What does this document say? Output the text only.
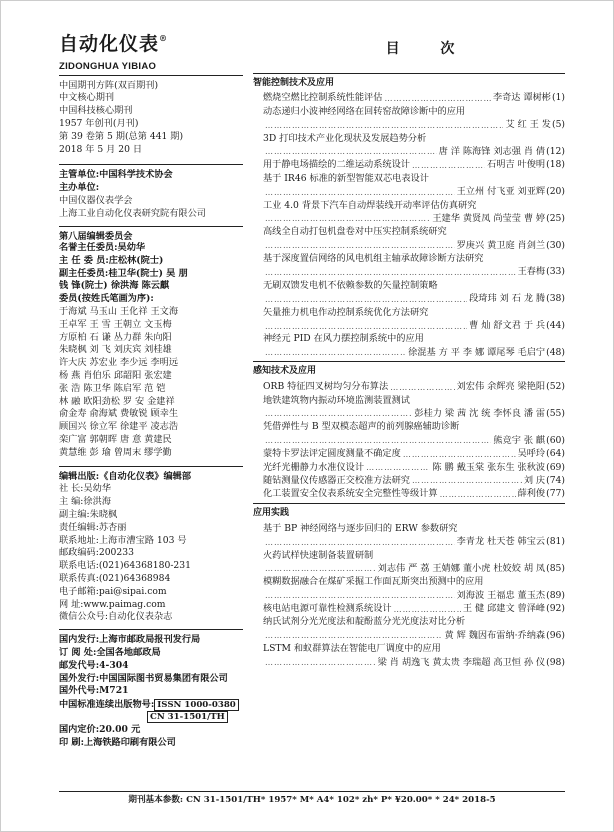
自动化仪表®
ZIDONGHUA YIBIAO
中国期刊方阵(双百期刊)
中文核心期刊
中国科技核心期刊
1957 年创刊(月刊)
第 39 卷第 5 期(总第 441 期)
2018 年 5 月 20 日
主管单位:中国科学技术协会
主办单位:
中国仪器仪表学会
上海工业自动化仪表研究院有限公司
第八届编辑委员会
名誉主任委员:吴幼华
主 任 委 员:庄松林(院士)
副主任委员:桂卫华(院士) 吴 朋
钱 锋(院士) 徐洪海 陈云麒
委员(按姓氏笔画为序):
于海斌 马玉山 王化祥 王文海
王卓军 王 雪 王朝立 文玉梅
方原柏 石 谦 丛力群 朱向阳
朱晓枫 刘 飞 刘庆宾 刘桂雄
许大庆 苏宏业 李少远 李明远
杨 燕 肖伯乐 邱韶阳 张宏建
张 浩 陈卫华 陈启军 范 铠
林 融 欧阳劲松 罗 安 金建祥
俞金寿 俞海斌 费敏锐 顾幸生
顾国兴 徐立军 徐建平 凌志浩
栾广富 郭朝晖 唐 意 黄建民
黄慧维 彭 瑜 曾周末 缪学勤
编辑出版:《自动化仪表》编辑部
社 长:吴幼华
主 编:徐洪海
副主编:朱晓枫
责任编辑:苏杏丽
联系地址:上海市漕宝路 103 号
邮政编码:200233
联系电话:(021)64368180-231
联系传真:(021)64368984
电子邮箱:pai@sipai.com
网 址:www.paimag.com
微信公众号:自动化仪表杂志
国内发行:上海市邮政局报刊发行局
订 阅 处:全国各地邮政局
邮发代号:4-304
国外发行:中国国际图书贸易集团有限公司
国外代号:M721
中国标准连续出版物号: ISSN 1000-0380
CN 31-1501/TH
国内定价:20.00 元
印 刷:上海铁路印刷有限公司
目 次
智能控制技术及应用
燃烧空燃比控制系统性能评估 ………………………………………………………………………………………………………	李奇达 谭树彬 (1)
动态递归小波神经网络在回转窑故障诊断中的应用
………………………………………………………………………………………………………
艾 红 王 发 (5)
3D 打印技术产业化现状及发展趋势分析
………………………………………………………………………………………………………
唐 洋 陈海锋 刘志强 肖 倩 (12)
用于静电场描绘的二维运动系统设计 ………………………………………………………………………………………………………	石明吉 叶俊明 (18)
基于 IR46 标准的新型智能双芯电表设计
………………………………………………………………………………………………………
王立州 付飞亚 刘亚辉 (20)
工业 4.0 背景下汽车自动焊装线开动率评估仿真研究
………………………………………………………………………………………………………
王建华 黄贤凤 尚莹莹 曹 婷 (25)
高线全自动打包机盘卷对中压实控制系统研究
………………………………………………………………………………………………………
罗庚兴 黄卫庭 肖剑兰 (30)
基于深度置信网络的风电机组主轴承故障诊断方法研究
………………………………………………………………………………………………………
王春梅 (33)
无刷双馈发电机不依赖参数的矢量控制策略
………………………………………………………………………………………………………
段琦玮 刘 石 龙 腾 (38)
矢量推力机电作动控制系统优化方法研究
………………………………………………………………………………………………………
曹 灿 舒文君 于 兵 (44)
神经元 PID 在风力摆控制系统中的应用
………………………………………………………………………………………………………
徐混基 方 平 李 娜 谭尾琴 毛启宁 (48)
感知技术及应用
ORB 特征四叉树均匀分布算法 ………………………………………………………………………………………………………	刘宏伟 余辉亮 梁艳阳 (52)
地铁建筑物内振动环境监测装置测试
………………………………………………………………………………………………………
彭桂力 梁 茜 沈 统 李怀良 潘 雷 (55)
凭借弹性与 B 型双模态超声的前列腺癌辅助诊断
………………………………………………………………………………………………………
熊竞宇 张 麒 (60)
蒙特卡罗法评定圆度测量不确定度 ………………………………………………………………………………………………………	吴呼玲 (64)
光纤光栅静力水准仪设计 ………………………………………………………………………………………………………	陈 鹏 戴玉棠 张东生 张秋波 (69)
随钻测量仪传感器正交校准方法研究 ………………………………………………………………………………………………………	刘 庆 (74)
化工装置安全仪表系统安全完整性等级计算 ………………………………………………………………………………………………………	薛利俊 (77)
应用实践
基于 BP 神经网络与逐步回归的 ERW 参数研究
………………………………………………………………………………………………………
李青龙 杜天苍 韩宝云 (81)
火药试样快速制备装置研制
………………………………………………………………………………………………………
刘志伟 严 荔 王婧娜 董小虎 杜姣姣 胡 凤 (85)
模糊数据融合在煤矿采掘工作面瓦斯突出预测中的应用
………………………………………………………………………………………………………
刘海波 王福忠 董玉杰 (89)
核电站电源可靠性检测系统设计 ………………………………………………………………………………………………………	王 健 邱建文 曾泽峰 (92)
纳氏试剂分光光度法和靛酚蓝分光光度法对比分析
………………………………………………………………………………………………………
黄 辉 魏因布雷纳·乔纳森 (96)
LSTM 和蚁群算法在智能电厂调度中的应用
………………………………………………………………………………………………………
梁 肖 胡逸飞 黄太贵 李瑞超 高卫恒 孙 仪 (98)
期刊基本参数: CN 31-1501/TH* 1957* M* A4* 102* zh* P* ¥20.00* * 24* 2018-5
